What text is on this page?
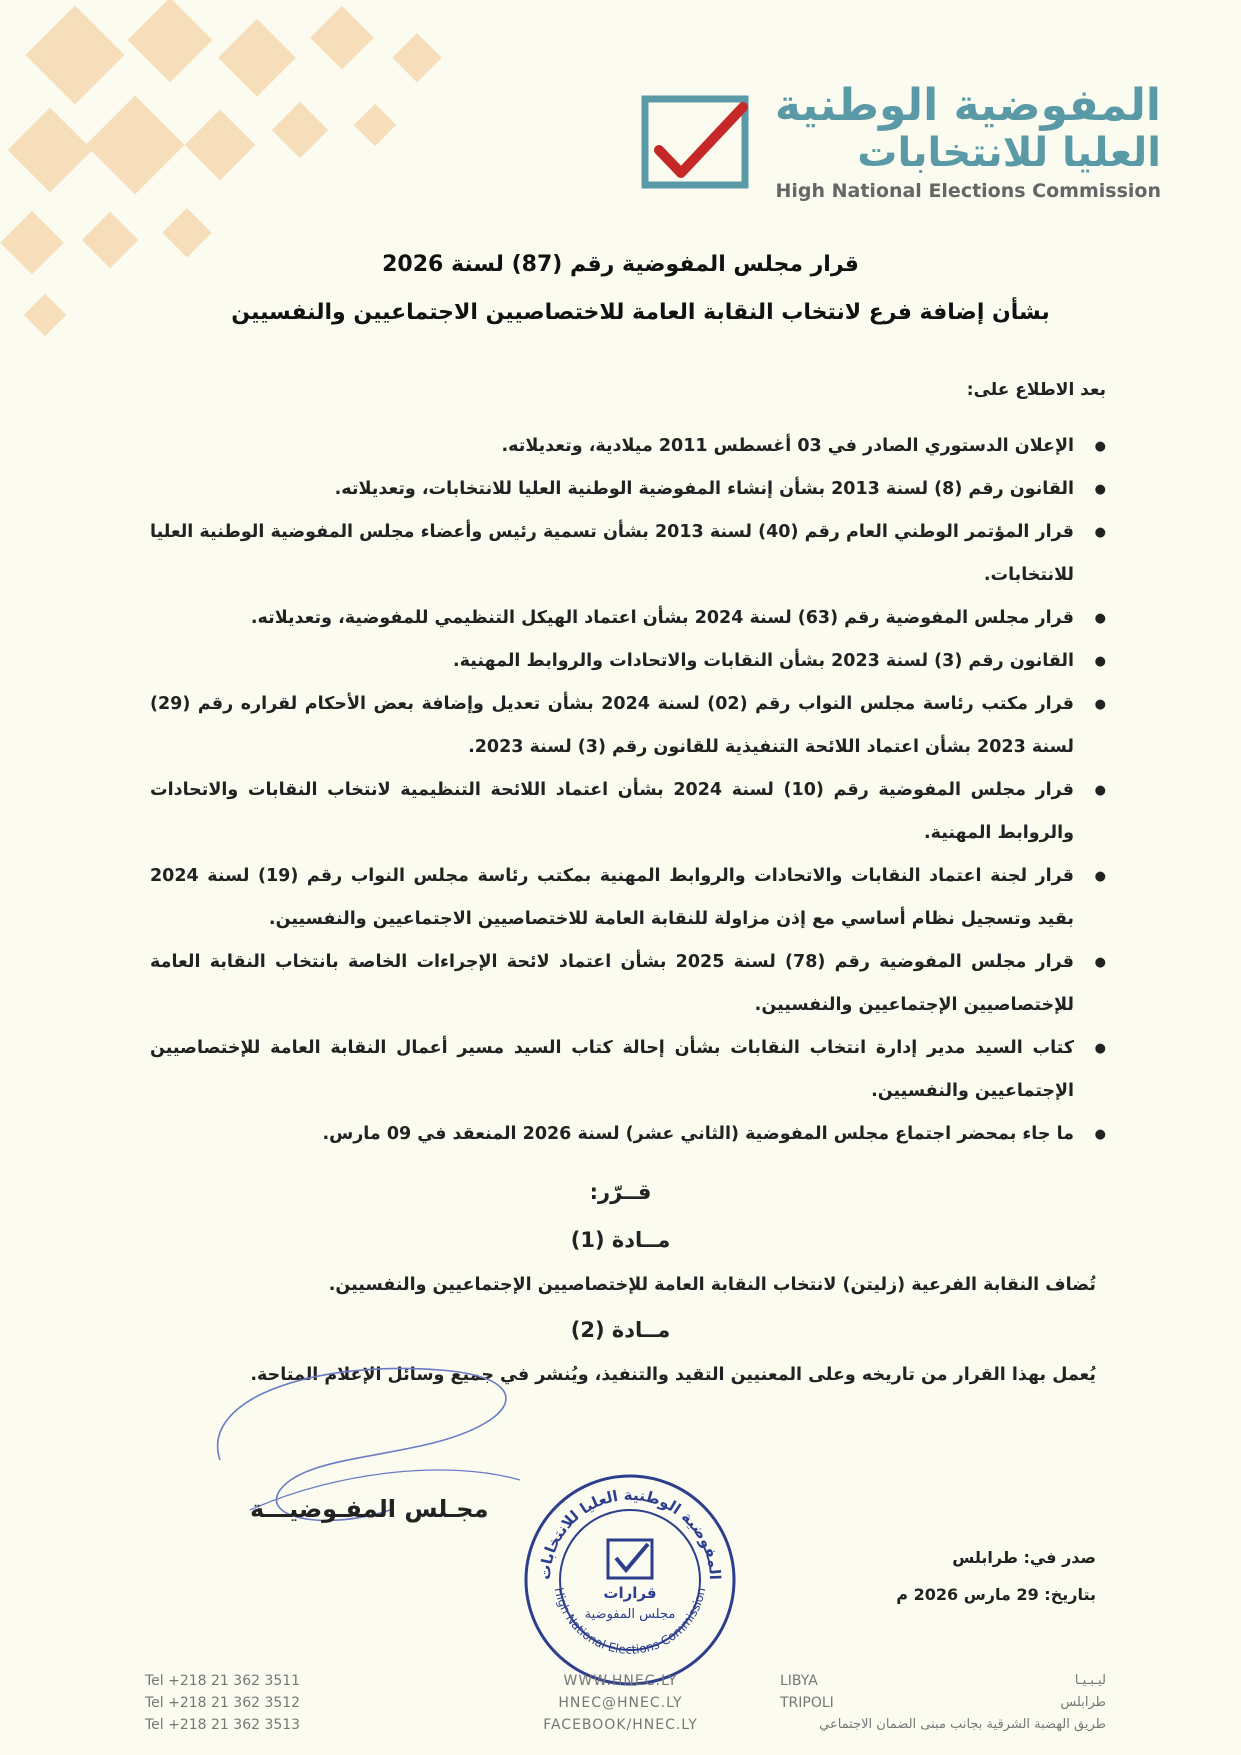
المفوضية الوطنية
العليا للانتخابات
High National Elections Commission
قرار مجلس المفوضية رقم (87) لسنة 2026
بشأن إضافة فرع لانتخاب النقابة العامة للاختصاصيين الاجتماعيين والنفسيين
بعد الاطلاع على:
● الإعلان الدستوري الصادر في 03 أغسطس 2011 ميلادية، وتعديلاته.
● القانون رقم (8) لسنة 2013 بشأن إنشاء المفوضية الوطنية العليا للانتخابات، وتعديلاته.
● قرار المؤتمر الوطني العام رقم (40) لسنة 2013 بشأن تسمية رئيس وأعضاء مجلس المفوضية الوطنية العليا للانتخابات.
● قرار مجلس المفوضية رقم (63) لسنة 2024 بشأن اعتماد الهيكل التنظيمي للمفوضية، وتعديلاته.
● القانون رقم (3) لسنة 2023 بشأن النقابات والاتحادات والروابط المهنية.
● قرار مكتب رئاسة مجلس النواب رقم (02) لسنة 2024 بشأن تعديل وإضافة بعض الأحكام لقراره رقم (29) لسنة 2023 بشأن اعتماد اللائحة التنفيذية للقانون رقم (3) لسنة 2023.
● قرار مجلس المفوضية رقم (10) لسنة 2024 بشأن اعتماد اللائحة التنظيمية لانتخاب النقابات والاتحادات والروابط المهنية.
● قرار لجنة اعتماد النقابات والاتحادات والروابط المهنية بمكتب رئاسة مجلس النواب رقم (19) لسنة 2024 بقيد وتسجيل نظام أساسي مع إذن مزاولة للنقابة العامة للاختصاصيين الاجتماعيين والنفسيين.
● قرار مجلس المفوضية رقم (78) لسنة 2025 بشأن اعتماد لائحة الإجراءات الخاصة بانتخاب النقابة العامة للإختصاصيين الإجتماعيين والنفسيين.
● كتاب السيد مدير إدارة انتخاب النقابات بشأن إحالة كتاب السيد مسير أعمال النقابة العامة للإختصاصيين الإجتماعيين والنفسيين.
● ما جاء بمحضر اجتماع مجلس المفوضية (الثاني عشر) لسنة 2026 المنعقد في 09 مارس.
قــرّر:
مــادة (1)
تُضاف النقابة الفرعية (زليتن) لانتخاب النقابة العامة للإختصاصيين الإجتماعيين والنفسيين.
مــادة (2)
يُعمل بهذا القرار من تاريخه وعلى المعنيين التقيد والتنفيذ، ويُنشر في جميع وسائل الإعلام المتاحة.
مجـلس المفـوضيـــة
المفوضية الوطنية العليا للانتخابات
High National Elections Commission
قرارات
مجلس المفوضية
صدر في: طرابلس
بتاريخ: 29 مارس 2026 م
Tel +218 21 362 3511
Tel +218 21 362 3512
Tel +218 21 362 3513
WWW.HNEC.LY
HNEC@HNEC.LY
FACEBOOK/HNEC.LY
LIBYA
TRIPOLI
ليـبـيـا
طرابلس
طريق الهضبة الشرقية بجانب مبنى الضمان الاجتماعي
